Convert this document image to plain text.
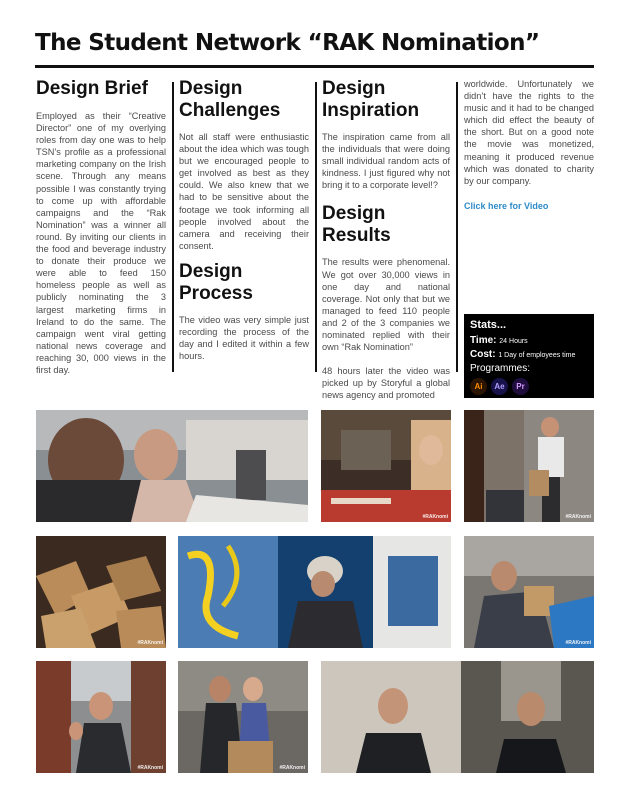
The Student Network “RAK Nomination”
Design Brief

Employed as their “Creative Director” one of my overlying roles from day one was to help TSN’s profile as a professional marketing company on the Irish scene. Through any means possible I was constantly trying to come up with affordable campaigns and the “Rak Nomination” was a winner all round. By inviting our clients in the food and beverage industry to donate their produce we were able to feed 150 homeless people as well as publicly nominating the 3 largest marketing firms in Ireland to do the same. The campaign went viral getting national news coverage and reaching 30, 000 views in the first day.

Design
Challenges

Not all staff were enthusiastic about the idea which was tough but we encouraged people to get involved as best as they could. We also knew that we had to be sensitive about the footage we took informing all people involved about the camera and receiving their consent.

Design
Process

The video was very simple just recording the process of the day and I edited it within a few hours.

Design
Inspiration

The inspiration came from all the individuals that were doing small individual random acts of kindness. I just figured why not bring it to a corporate level!?

Design Results

The results were phenomenal. We got over 30,000 views in one day and national coverage. Not only that but we managed to feed 110 people and 2 of the 3 companies we nominated replied with their own “Rak Nomination”

48 hours later the video was picked up by Storyful a global news agency and promoted

worldwide. Unfortunately we didn’t have the rights to the music and it had to be changed which did effect the beauty of the short. But on a good note the movie was monetized, meaning it produced revenue which was donated to charity by our company.

Click here for Video
Stats...
Time: 24 Hours
Cost: 1 Day of employees time
Programmes:
Ai	Ae	Pr
#RAKnomi	#RAKnomi
#RAKnomi	#RAKnomi
#RAKnomi	#RAKnomi
